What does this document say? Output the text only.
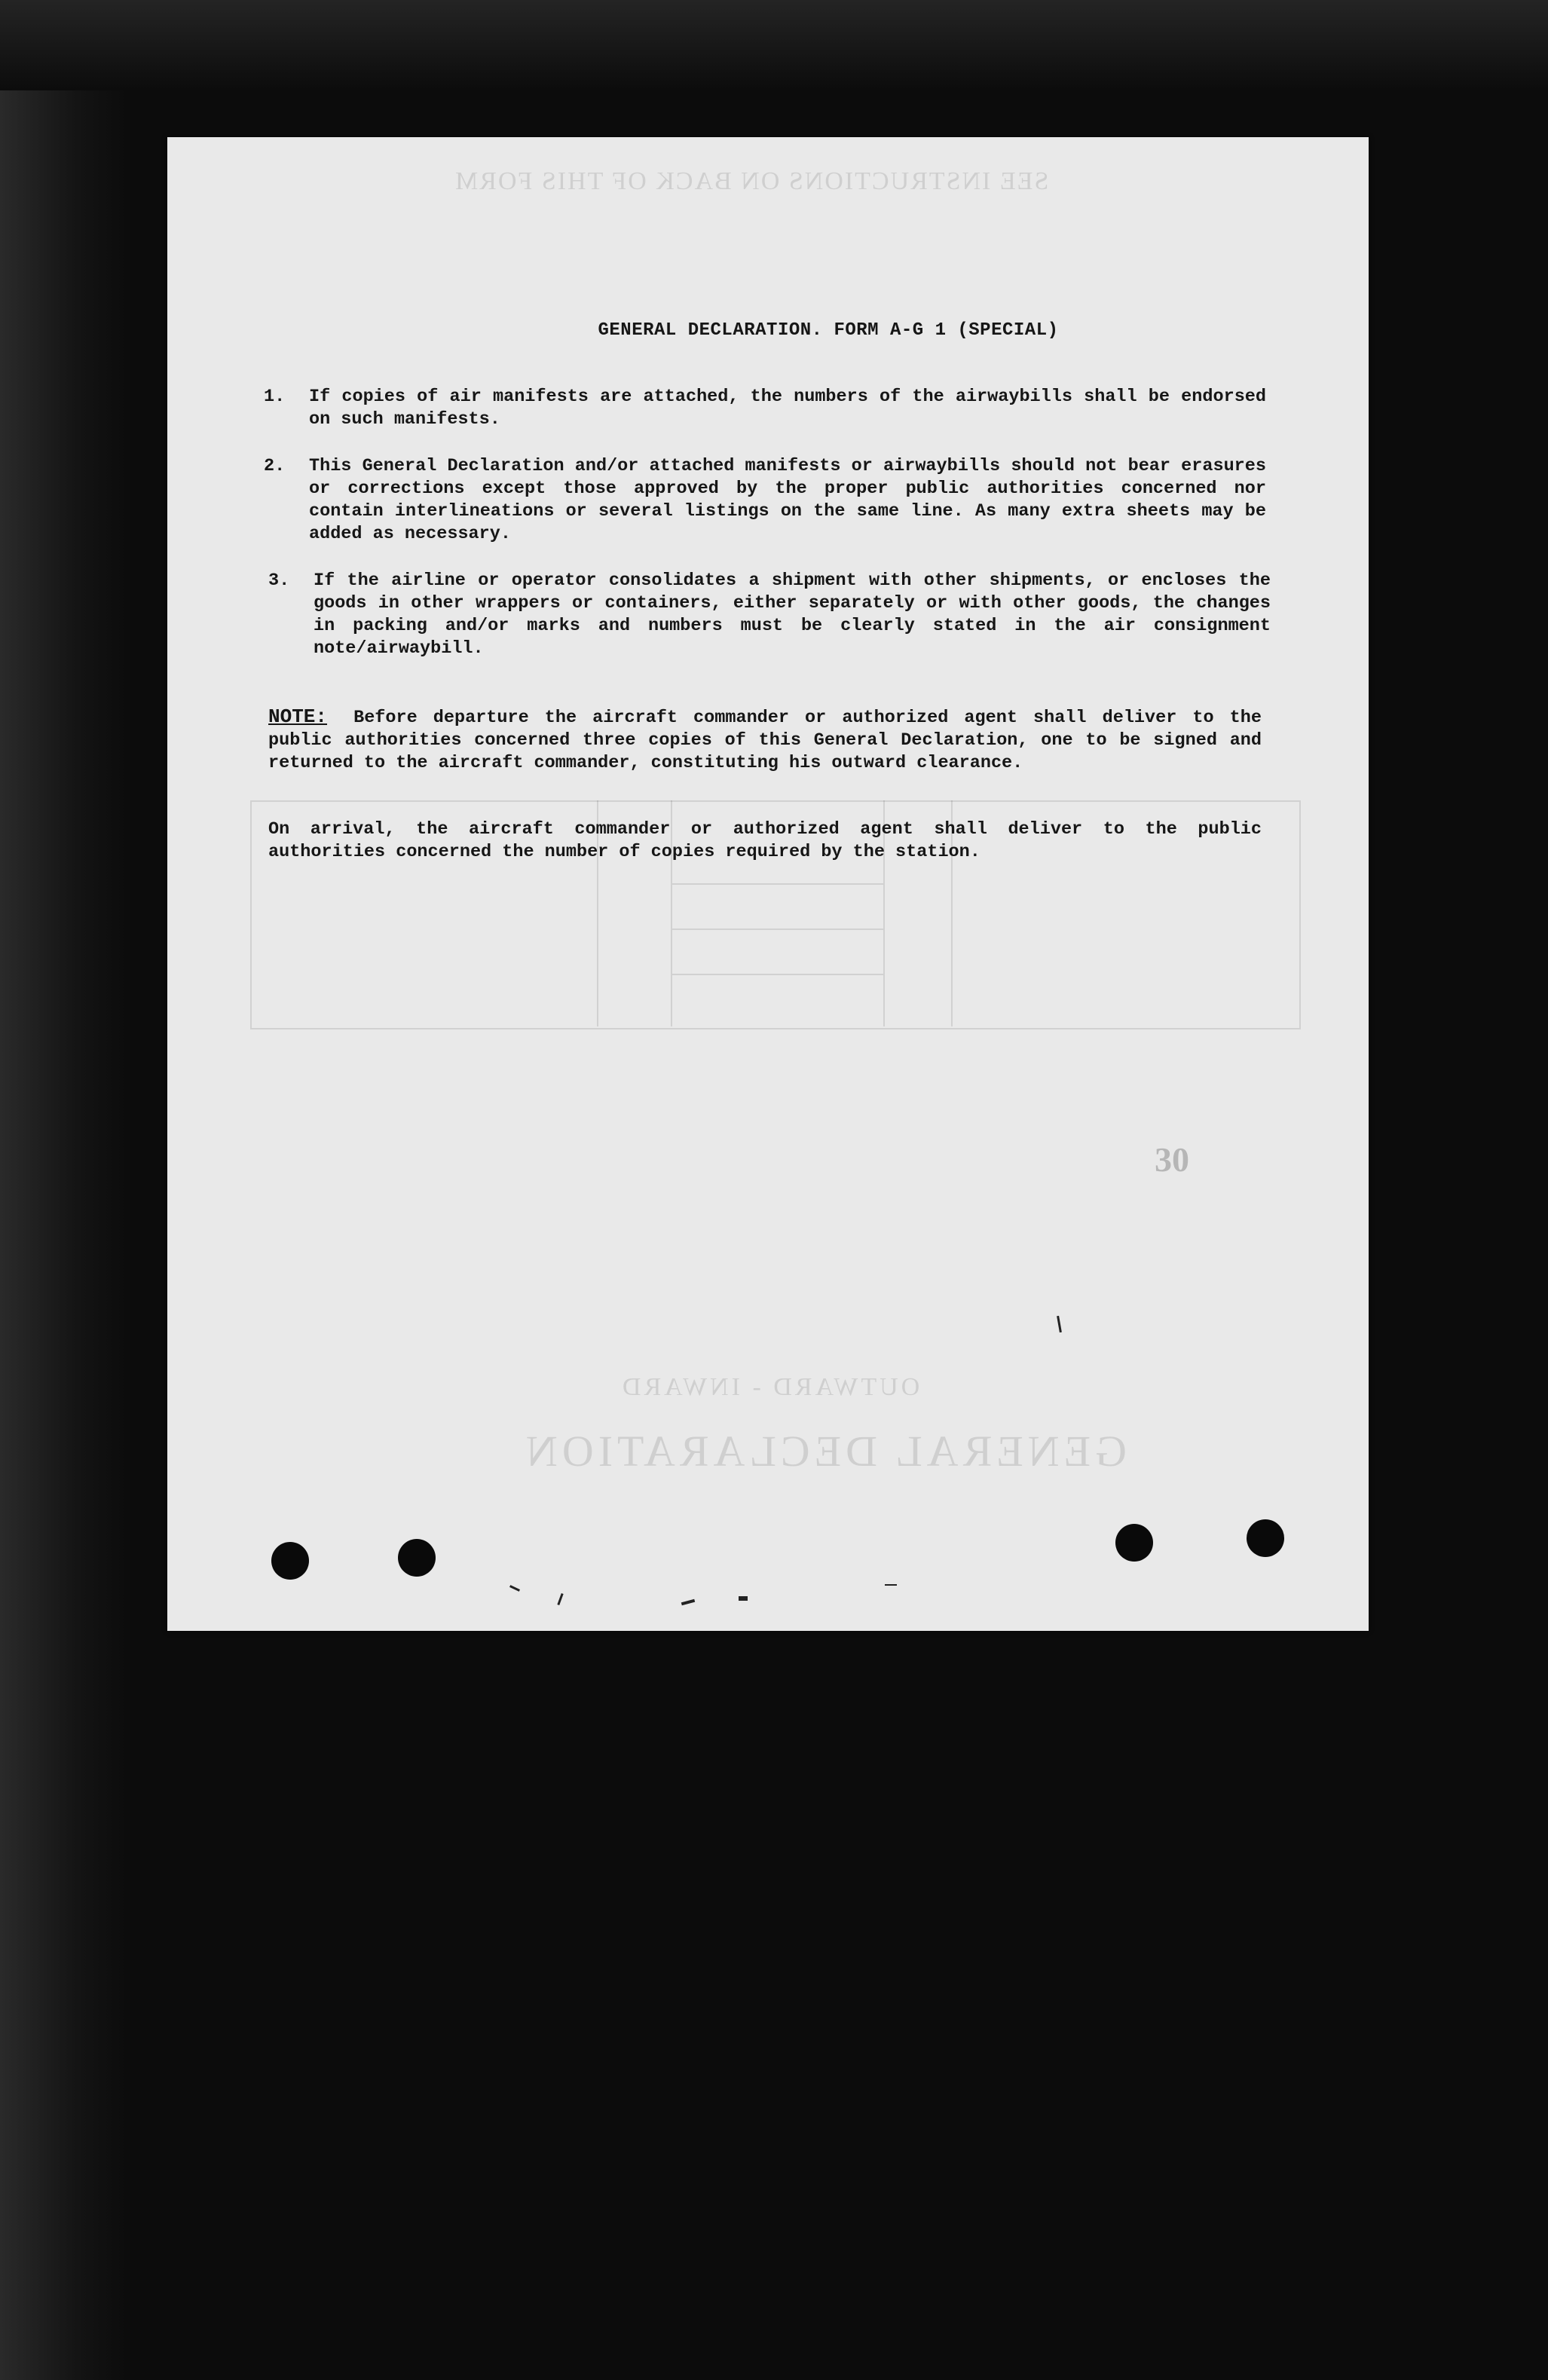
SEE INSTRUCTIONS ON BACK OF THIS FORM
OUTWARD - INWARD
GENERAL DECLARATION
30
GENERAL DECLARATION. FORM A-G 1 (SPECIAL)
1.	If copies of air manifests are attached, the numbers of the airwaybills shall be endorsed on such manifests.
2.	This General Declaration and/or attached manifests or airwaybills should not bear erasures or corrections except those approved by the proper public authorities concerned nor contain interlineations or several listings on the same line. As many extra sheets may be added as necessary.
3.	If the airline or operator consolidates a shipment with other shipments, or encloses the goods in other wrappers or containers, either separately or with other goods, the changes in packing and/or marks and numbers must be clearly stated in the air consignment note/airwaybill.
NOTE: Before departure the aircraft commander or authorized agent shall deliver to the public authorities concerned three copies of this General Declaration, one to be signed and returned to the aircraft commander, constituting his outward clearance.
On arrival, the aircraft commander or authorized agent shall deliver to the public authorities concerned the number of copies required by the station.
